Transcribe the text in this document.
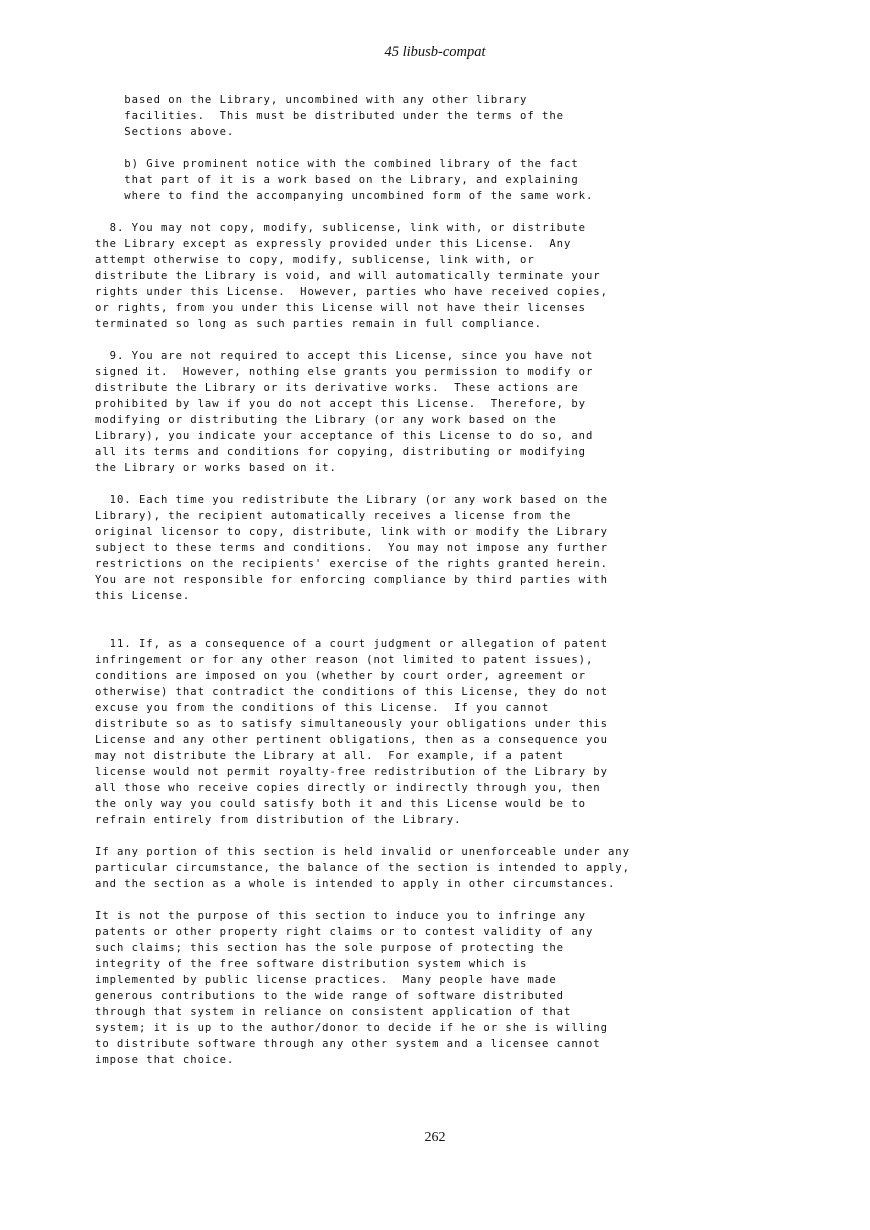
45 libusb-compat
based on the Library, uncombined with any other library
facilities.  This must be distributed under the terms of the
Sections above.
b) Give prominent notice with the combined library of the fact
that part of it is a work based on the Library, and explaining
where to find the accompanying uncombined form of the same work.
8. You may not copy, modify, sublicense, link with, or distribute
the Library except as expressly provided under this License.  Any
attempt otherwise to copy, modify, sublicense, link with, or
distribute the Library is void, and will automatically terminate your
rights under this License.  However, parties who have received copies,
or rights, from you under this License will not have their licenses
terminated so long as such parties remain in full compliance.
9. You are not required to accept this License, since you have not
signed it.  However, nothing else grants you permission to modify or
distribute the Library or its derivative works.  These actions are
prohibited by law if you do not accept this License.  Therefore, by
modifying or distributing the Library (or any work based on the
Library), you indicate your acceptance of this License to do so, and
all its terms and conditions for copying, distributing or modifying
the Library or works based on it.
10. Each time you redistribute the Library (or any work based on the
Library), the recipient automatically receives a license from the
original licensor to copy, distribute, link with or modify the Library
subject to these terms and conditions.  You may not impose any further
restrictions on the recipients' exercise of the rights granted herein.
You are not responsible for enforcing compliance by third parties with
this License.
11. If, as a consequence of a court judgment or allegation of patent
infringement or for any other reason (not limited to patent issues),
conditions are imposed on you (whether by court order, agreement or
otherwise) that contradict the conditions of this License, they do not
excuse you from the conditions of this License.  If you cannot
distribute so as to satisfy simultaneously your obligations under this
License and any other pertinent obligations, then as a consequence you
may not distribute the Library at all.  For example, if a patent
license would not permit royalty-free redistribution of the Library by
all those who receive copies directly or indirectly through you, then
the only way you could satisfy both it and this License would be to
refrain entirely from distribution of the Library.
If any portion of this section is held invalid or unenforceable under any
particular circumstance, the balance of the section is intended to apply,
and the section as a whole is intended to apply in other circumstances.
It is not the purpose of this section to induce you to infringe any
patents or other property right claims or to contest validity of any
such claims; this section has the sole purpose of protecting the
integrity of the free software distribution system which is
implemented by public license practices.  Many people have made
generous contributions to the wide range of software distributed
through that system in reliance on consistent application of that
system; it is up to the author/donor to decide if he or she is willing
to distribute software through any other system and a licensee cannot
impose that choice.
262
